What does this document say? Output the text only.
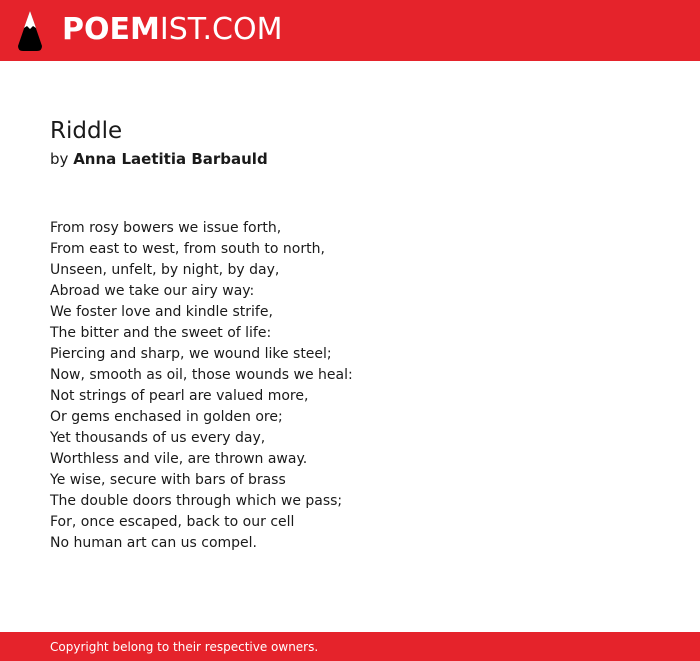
POEMIST.COM
Riddle
by Anna Laetitia Barbauld
From rosy bowers we issue forth,
From east to west, from south to north,
Unseen, unfelt, by night, by day,
Abroad we take our airy way:
We foster love and kindle strife,
The bitter and the sweet of life:
Piercing and sharp, we wound like steel;
Now, smooth as oil, those wounds we heal:
Not strings of pearl are valued more,
Or gems enchased in golden ore;
Yet thousands of us every day,
Worthless and vile, are thrown away.
Ye wise, secure with bars of brass
The double doors through which we pass;
For, once escaped, back to our cell
No human art can us compel.
Copyright belong to their respective owners.
